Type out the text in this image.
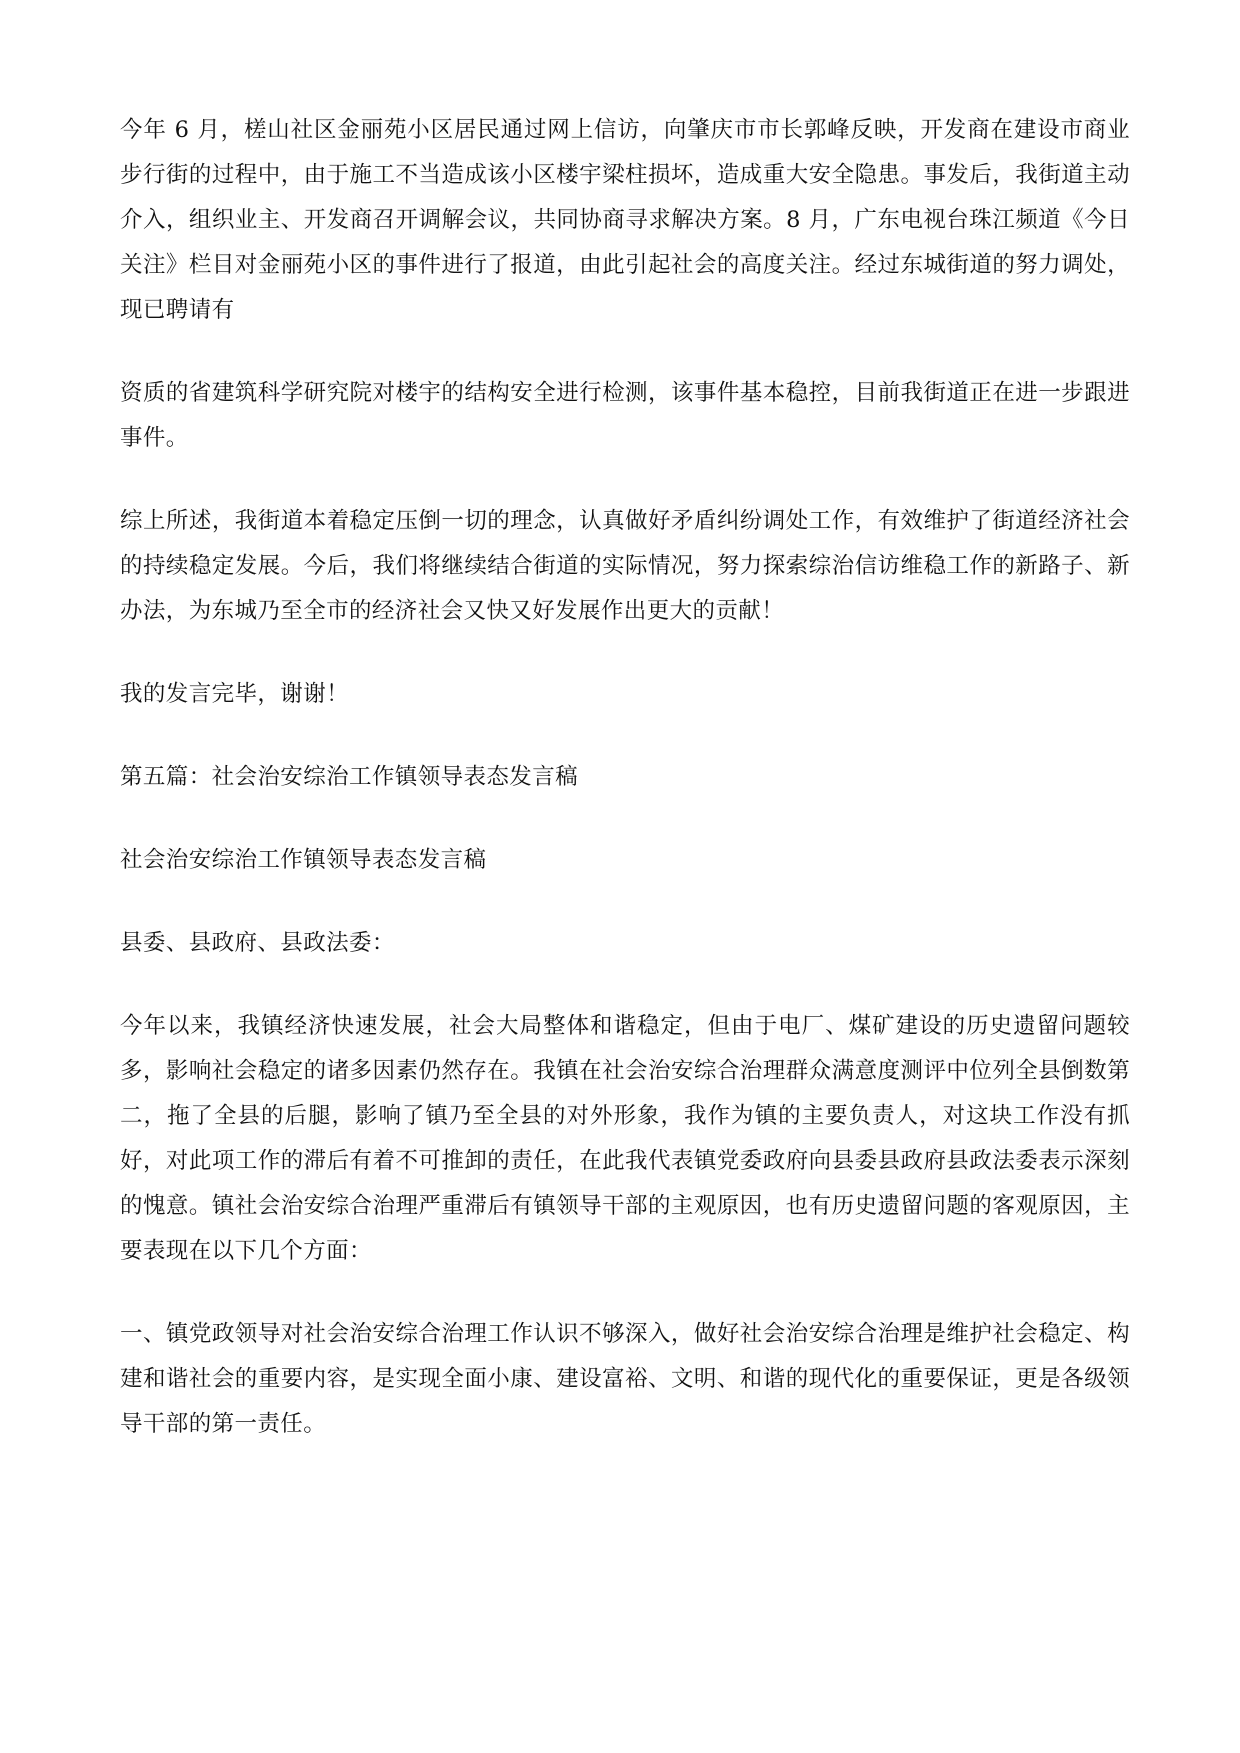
今年 6 月，槎山社区金丽苑小区居民通过网上信访，向肇庆市市长郭峰反映，开发商在建设市商业步行街的过程中，由于施工不当造成该小区楼宇梁柱损坏，造成重大安全隐患。事发后，我街道主动介入，组织业主、开发商召开调解会议，共同协商寻求解决方案。8 月，广东电视台珠江频道《今日关注》栏目对金丽苑小区的事件进行了报道，由此引起社会的高度关注。经过东城街道的努力调处，现已聘请有

资质的省建筑科学研究院对楼宇的结构安全进行检测，该事件基本稳控，目前我街道正在进一步跟进事件。

综上所述，我街道本着稳定压倒一切的理念，认真做好矛盾纠纷调处工作，有效维护了街道经济社会的持续稳定发展。今后，我们将继续结合街道的实际情况，努力探索综治信访维稳工作的新路子、新办法，为东城乃至全市的经济社会又快又好发展作出更大的贡献！

我的发言完毕，谢谢！

第五篇：社会治安综治工作镇领导表态发言稿

社会治安综治工作镇领导表态发言稿

县委、县政府、县政法委：

今年以来，我镇经济快速发展，社会大局整体和谐稳定，但由于电厂、煤矿建设的历史遗留问题较多，影响社会稳定的诸多因素仍然存在。我镇在社会治安综合治理群众满意度测评中位列全县倒数第二，拖了全县的后腿，影响了镇乃至全县的对外形象，我作为镇的主要负责人，对这块工作没有抓好，对此项工作的滞后有着不可推卸的责任，在此我代表镇党委政府向县委县政府县政法委表示深刻的愧意。镇社会治安综合治理严重滞后有镇领导干部的主观原因，也有历史遗留问题的客观原因，主要表现在以下几个方面：

一、镇党政领导对社会治安综合治理工作认识不够深入，做好社会治安综合治理是维护社会稳定、构建和谐社会的重要内容，是实现全面小康、建设富裕、文明、和谐的现代化的重要保证，更是各级领导干部的第一责任。
